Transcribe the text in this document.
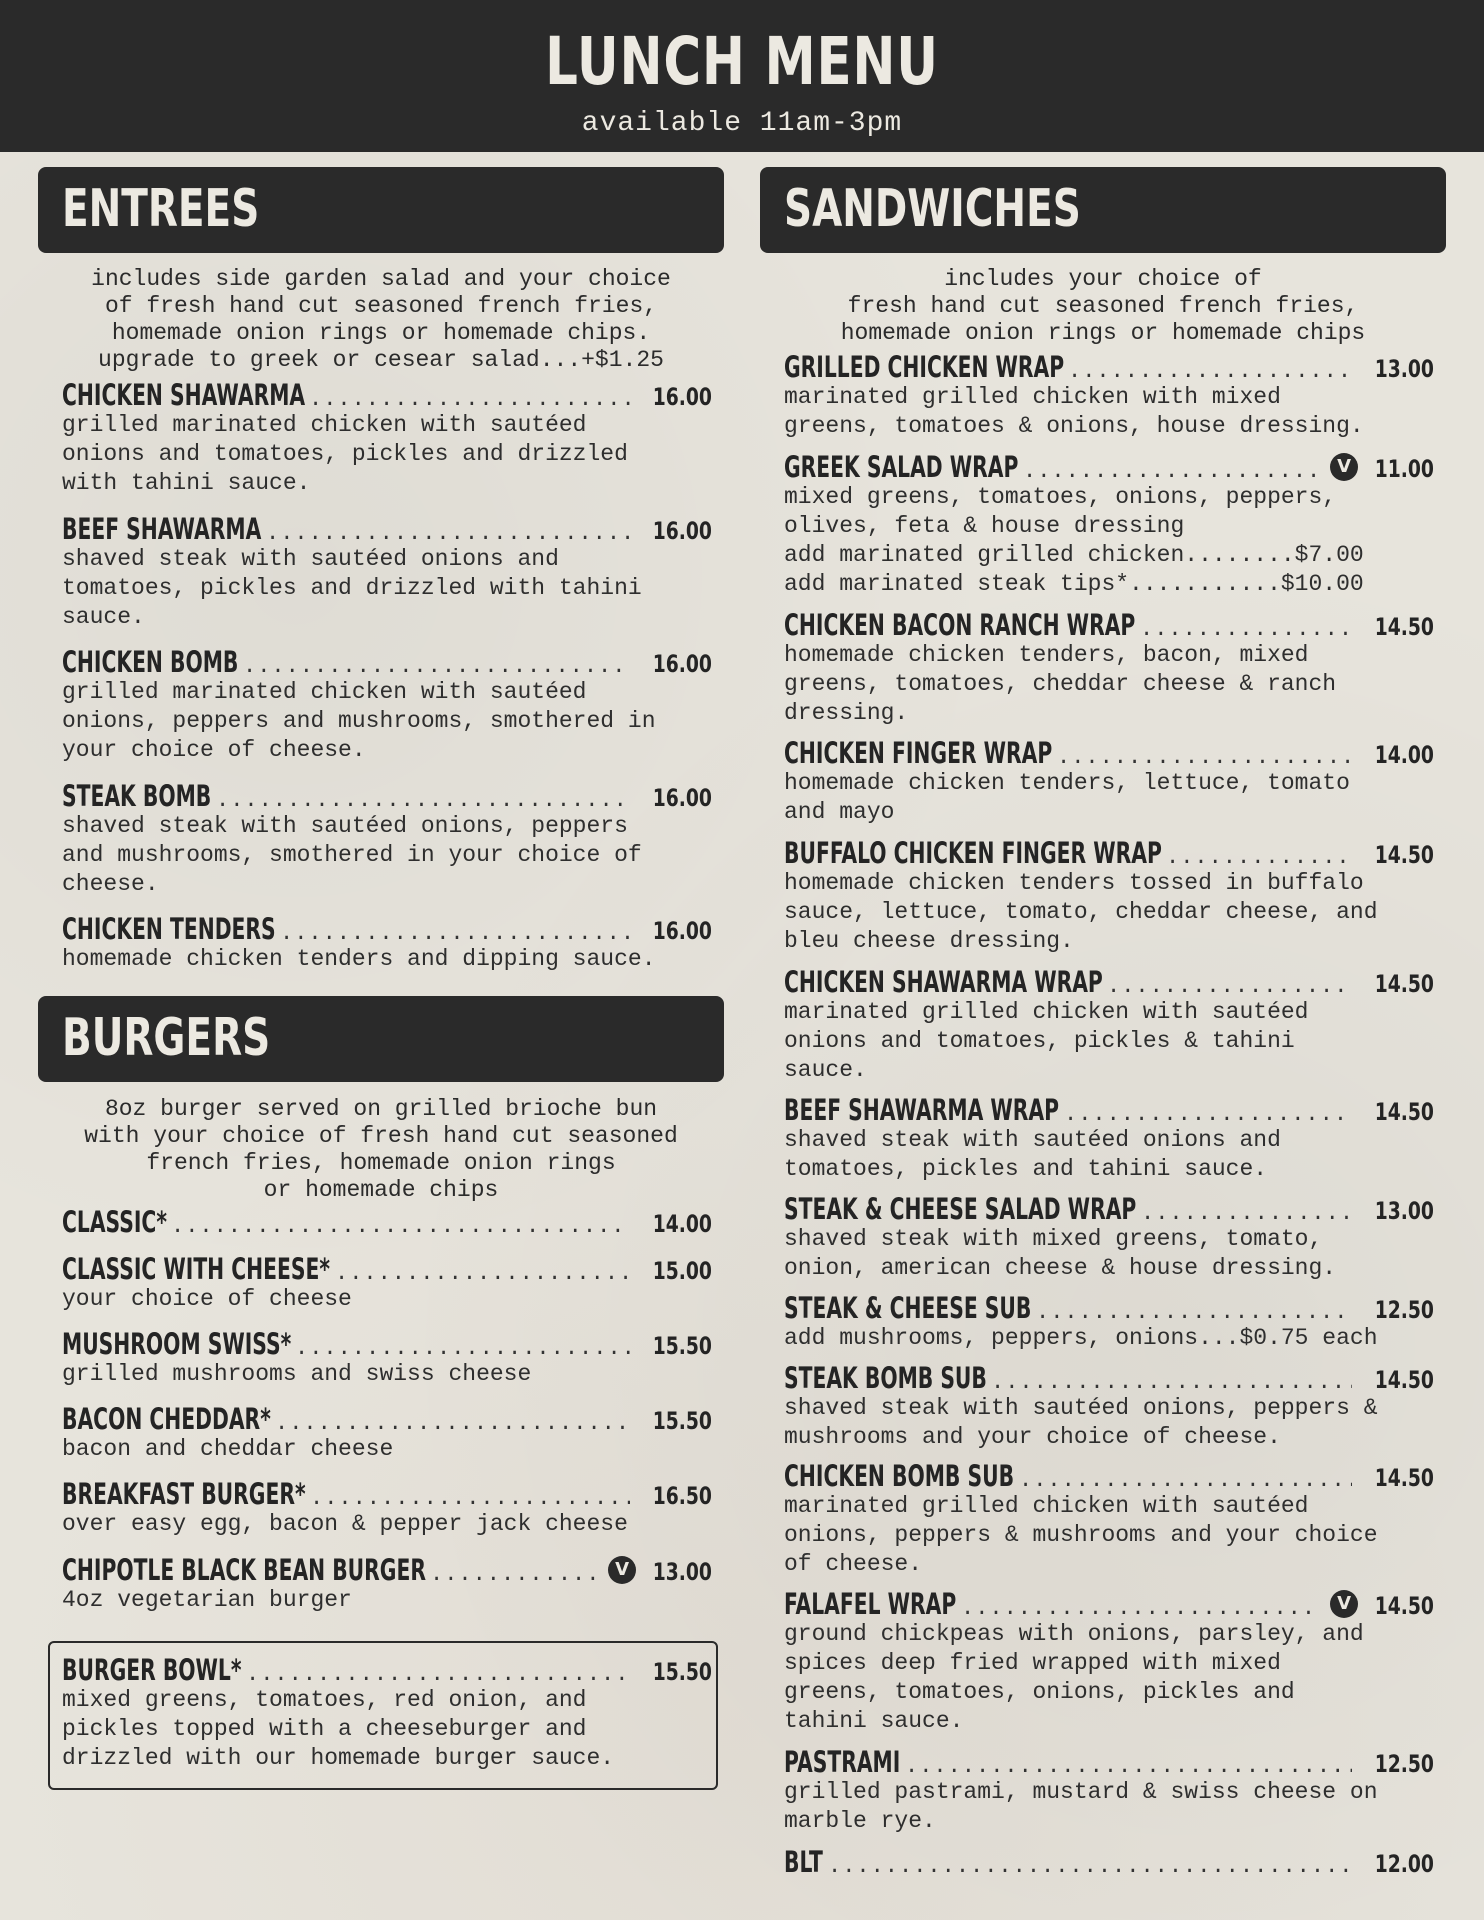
LUNCH MENU
available 11am-3pm
ENTREES
includes side garden salad and your choice
of fresh hand cut seasoned french fries,
homemade onion rings or homemade chips.
upgrade to greek or cesear salad...+$1.25
BURGERS
8oz burger served on grilled brioche bun
with your choice of fresh hand cut seasoned
french fries, homemade onion rings
or homemade chips
CHICKEN SHAWARMA .....	16.00
grilled marinated chicken with sautéed
onions and tomatoes, pickles and drizzled
with tahini sauce.
BEEF SHAWARMA .....	16.00
shaved steak with sautéed onions and
tomatoes, pickles and drizzled with tahini
sauce.
CHICKEN BOMB .....	16.00
grilled marinated chicken with sautéed
onions, peppers and mushrooms, smothered in
your choice of cheese.
STEAK BOMB .....	16.00
shaved steak with sautéed onions, peppers
and mushrooms, smothered in your choice of
cheese.
CHICKEN TENDERS .....	16.00
homemade chicken tenders and dipping sauce.
CLASSIC* .....	14.00
CLASSIC WITH CHEESE* .....	15.00
your choice of cheese
MUSHROOM SWISS* .....	15.50
grilled mushrooms and swiss cheese
BACON CHEDDAR* .....	15.50
bacon and cheddar cheese
BREAKFAST BURGER* .....	16.50
over easy egg, bacon & pepper jack cheese
CHIPOTLE BLACK BEAN BURGER .....	V 13.00
4oz vegetarian burger
BURGER BOWL* .....	15.50
mixed greens, tomatoes, red onion, and
pickles topped with a cheeseburger and
drizzled with our homemade burger sauce.
SANDWICHES
includes your choice of
fresh hand cut seasoned french fries,
homemade onion rings or homemade chips
GRILLED CHICKEN WRAP .....	13.00
marinated grilled chicken with mixed
greens, tomatoes & onions, house dressing.
GREEK SALAD WRAP .....	V 11.00
mixed greens, tomatoes, onions, peppers,
olives, feta & house dressing
add marinated grilled chicken........$7.00
add marinated steak tips*...........$10.00
CHICKEN BACON RANCH WRAP .....	14.50
homemade chicken tenders, bacon, mixed
greens, tomatoes, cheddar cheese & ranch
dressing.
CHICKEN FINGER WRAP .....	14.00
homemade chicken tenders, lettuce, tomato
and mayo
BUFFALO CHICKEN FINGER WRAP .....	14.50
homemade chicken tenders tossed in buffalo
sauce, lettuce, tomato, cheddar cheese, and
bleu cheese dressing.
CHICKEN SHAWARMA WRAP .....	14.50
marinated grilled chicken with sautéed
onions and tomatoes, pickles & tahini
sauce.
BEEF SHAWARMA WRAP .....	14.50
shaved steak with sautéed onions and
tomatoes, pickles and tahini sauce.
STEAK & CHEESE SALAD WRAP .....	13.00
shaved steak with mixed greens, tomato,
onion, american cheese & house dressing.
STEAK & CHEESE SUB .....	12.50
add mushrooms, peppers, onions...$0.75 each
STEAK BOMB SUB .....	14.50
shaved steak with sautéed onions, peppers &
mushrooms and your choice of cheese.
CHICKEN BOMB SUB .....	14.50
marinated grilled chicken with sautéed
onions, peppers & mushrooms and your choice
of cheese.
FALAFEL WRAP .....	V 14.50
ground chickpeas with onions, parsley, and
spices deep fried wrapped with mixed
greens, tomatoes, onions, pickles and
tahini sauce.
PASTRAMI .....	12.50
grilled pastrami, mustard & swiss cheese on
marble rye.
BLT .....	12.00
